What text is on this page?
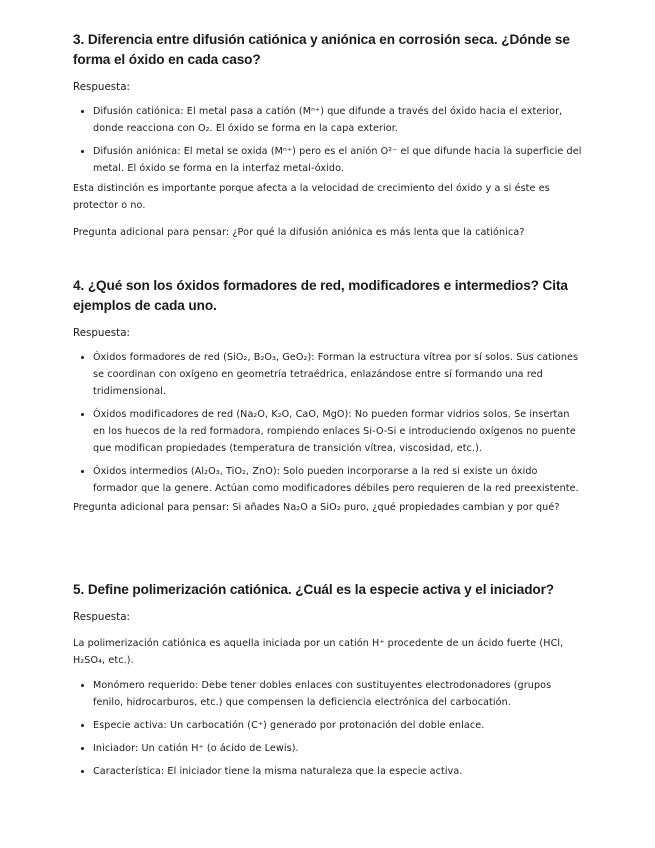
3. Diferencia entre difusión catiónica y aniónica en corrosión seca. ¿Dónde se forma el óxido en cada caso?
Respuesta:
• Difusión catiónica: El metal pasa a catión (Mⁿ⁺) que difunde a través del óxido hacia el exterior, donde reacciona con O₂. El óxido se forma en la capa exterior.
• Difusión aniónica: El metal se oxida (Mⁿ⁺) pero es el anión O²⁻ el que difunde hacia la superficie del metal. El óxido se forma en la interfaz metal-óxido.

Esta distinción es importante porque afecta a la velocidad de crecimiento del óxido y a si éste es protector o no.

Pregunta adicional para pensar: ¿Por qué la difusión aniónica es más lenta que la catiónica?

4. ¿Qué son los óxidos formadores de red, modificadores e intermedios? Cita ejemplos de cada uno.
Respuesta:
• Óxidos formadores de red (SiO₂, B₂O₃, GeO₂): Forman la estructura vítrea por sí solos. Sus cationes se coordinan con oxígeno en geometría tetraédrica, enlazándose entre sí formando una red tridimensional.
• Óxidos modificadores de red (Na₂O, K₂O, CaO, MgO): No pueden formar vidrios solos. Se insertan en los huecos de la red formadora, rompiendo enlaces Si-O-Si e introduciendo oxígenos no puente que modifican propiedades (temperatura de transición vítrea, viscosidad, etc.).
• Óxidos intermedios (Al₂O₃, TiO₂, ZnO): Solo pueden incorporarse a la red si existe un óxido formador que la genere. Actúan como modificadores débiles pero requieren de la red preexistente.

Pregunta adicional para pensar: Si añades Na₂O a SiO₂ puro, ¿qué propiedades cambian y por qué?

5. Define polimerización catiónica. ¿Cuál es la especie activa y el iniciador?
Respuesta:

La polimerización catiónica es aquella iniciada por un catión H⁺ procedente de un ácido fuerte (HCl, H₂SO₄, etc.).

• Monómero requerido: Debe tener dobles enlaces con sustituyentes electrodonadores (grupos fenilo, hidrocarburos, etc.) que compensen la deficiencia electrónica del carbocatión.
• Especie activa: Un carbocatión (C⁺) generado por protonación del doble enlace.
• Iniciador: Un catión H⁺ (o ácido de Lewis).
• Característica: El iniciador tiene la misma naturaleza que la especie activa.
